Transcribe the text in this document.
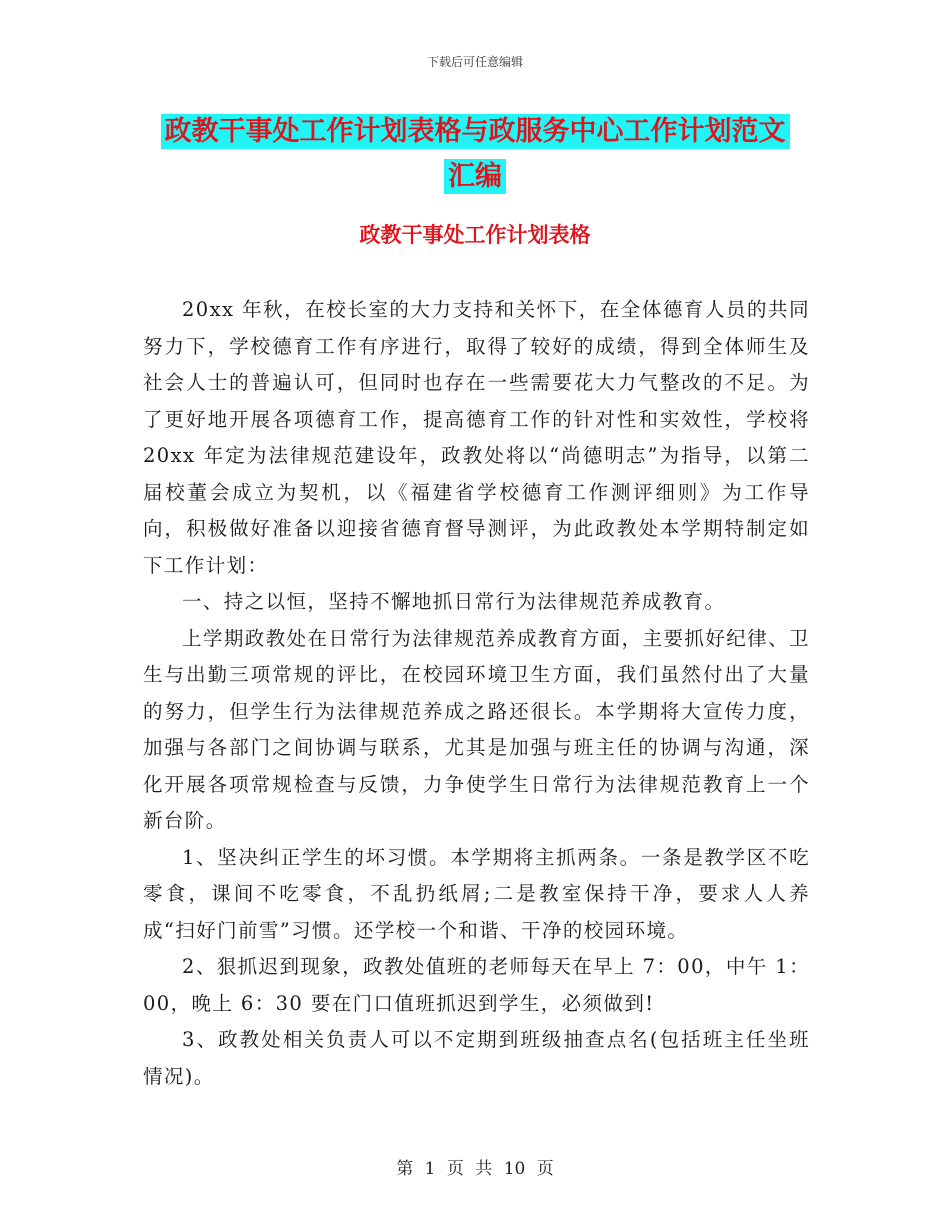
下载后可任意编辑
政教干事处工作计划表格与政服务中心工作计划范文
汇编
政教干事处工作计划表格

20xx 年秋，在校长室的大力支持和关怀下，在全体德育人员的共同努力下，学校德育工作有序进行，取得了较好的成绩，得到全体师生及社会人士的普遍认可，但同时也存在一些需要花大力气整改的不足。为了更好地开展各项德育工作，提高德育工作的针对性和实效性，学校将 20xx 年定为法律规范建设年，政教处将以“尚德明志”为指导，以第二届校董会成立为契机，以《福建省学校德育工作测评细则》为工作导向，积极做好准备以迎接省德育督导测评，为此政教处本学期特制定如下工作计划：

一、持之以恒，坚持不懈地抓日常行为法律规范养成教育。

上学期政教处在日常行为法律规范养成教育方面，主要抓好纪律、卫生与出勤三项常规的评比，在校园环境卫生方面，我们虽然付出了大量的努力，但学生行为法律规范养成之路还很长。本学期将大宣传力度，加强与各部门之间协调与联系，尤其是加强与班主任的协调与沟通，深化开展各项常规检查与反馈，力争使学生日常行为法律规范教育上一个新台阶。

1、坚决纠正学生的坏习惯。本学期将主抓两条。一条是教学区不吃零食，课间不吃零食，不乱扔纸屑;二是教室保持干净，要求人人养成“扫好门前雪”习惯。还学校一个和谐、干净的校园环境。

2、狠抓迟到现象，政教处值班的老师每天在早上 7：00，中午 1：00，晚上 6：30 要在门口值班抓迟到学生，必须做到!

3、政教处相关负责人可以不定期到班级抽查点名(包括班主任坐班情况)。

第 1 页 共 10 页
